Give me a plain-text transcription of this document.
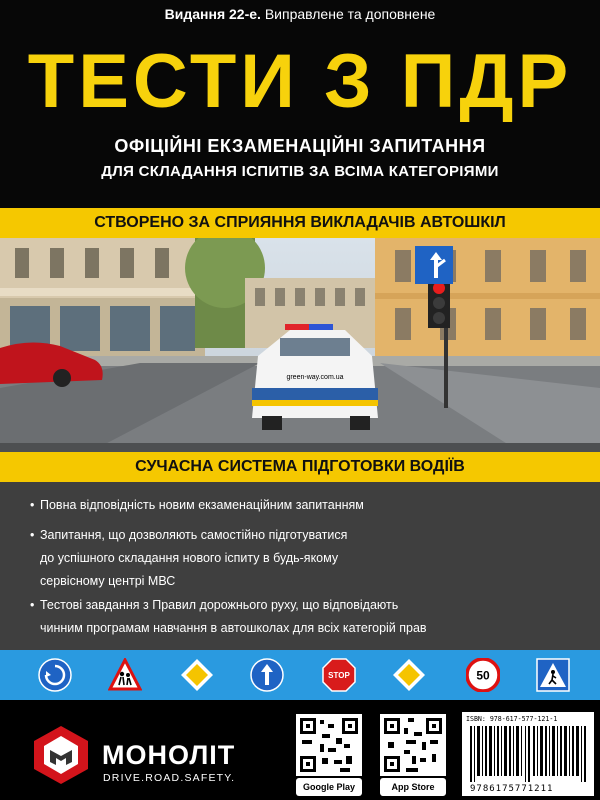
Видання 22-е. Виправлене та доповнене
ТЕСТИ З ПДР
ОФІЦІЙНІ ЕКЗАМЕНАЦІЙНІ ЗАПИТАННЯ
ДЛЯ СКЛАДАННЯ ІСПИТІВ ЗА ВСІМА КАТЕГОРІЯМИ
СТВОРЕНО ЗА СПРИЯННЯ ВИКЛАДАЧІВ АВТОШКІЛ
green-way.com.ua
СУЧАСНА СИСТЕМА ПІДГОТОВКИ ВОДІЇВ
• Повна відповідність новим екзаменаційним запитанням
• Запитання, що дозволяють самостійно підготуватися
до успішного складання нового іспиту в будь-якому
сервісному центрі МВС
• Тестові завдання з Правил дорожнього руху, що відповідають
чинним програмам навчання в автошколах для всіх категорій прав
STOP	50
МОНОЛІТ
DRIVE.ROAD.SAFETY.
Google Play	App Store
ISBN: 978-617-577-121-1
9786175771211
